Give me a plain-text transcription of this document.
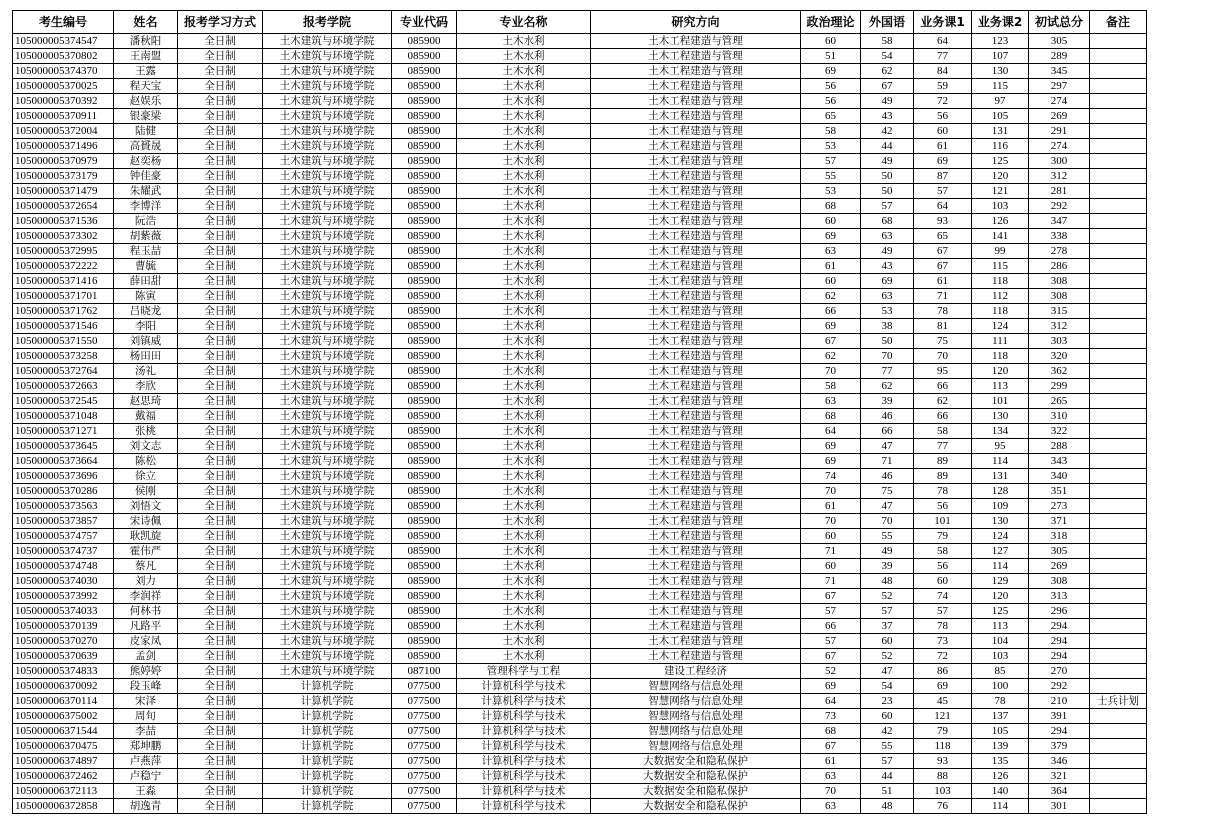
考生编号	姓名	报考学习方式	报考学院	专业代码	专业名称	研究方向	政治理论	外国语	业务课1	业务课2	初试总分	备注
105000005374547	潘秋阳	全日制	土木建筑与环境学院	085900	土木水利	土木工程建造与管理	60	58	64	123	305	
105000005370802	王南盟	全日制	土木建筑与环境学院	085900	土木水利	土木工程建造与管理	51	54	77	107	289	
105000005374370	王露	全日制	土木建筑与环境学院	085900	土木水利	土木工程建造与管理	69	62	84	130	345	
105000005370025	程天宝	全日制	土木建筑与环境学院	085900	土木水利	土木工程建造与管理	56	67	59	115	297	
105000005370392	赵娱乐	全日制	土木建筑与环境学院	085900	土木水利	土木工程建造与管理	56	49	72	97	274	
105000005370911	银豪梁	全日制	土木建筑与环境学院	085900	土木水利	土木工程建造与管理	65	43	56	105	269	
105000005372004	陆健	全日制	土木建筑与环境学院	085900	土木水利	土木工程建造与管理	58	42	60	131	291	
105000005371496	高贇晟	全日制	土木建筑与环境学院	085900	土木水利	土木工程建造与管理	53	44	61	116	274	
105000005370979	赵奕杨	全日制	土木建筑与环境学院	085900	土木水利	土木工程建造与管理	57	49	69	125	300	
105000005373179	钟佳豪	全日制	土木建筑与环境学院	085900	土木水利	土木工程建造与管理	55	50	87	120	312	
105000005371479	朱耀武	全日制	土木建筑与环境学院	085900	土木水利	土木工程建造与管理	53	50	57	121	281	
105000005372654	李博洋	全日制	土木建筑与环境学院	085900	土木水利	土木工程建造与管理	68	57	64	103	292	
105000005371536	阮浩	全日制	土木建筑与环境学院	085900	土木水利	土木工程建造与管理	60	68	93	126	347	
105000005373302	胡紫薇	全日制	土木建筑与环境学院	085900	土木水利	土木工程建造与管理	69	63	65	141	338	
105000005372995	程玉喆	全日制	土木建筑与环境学院	085900	土木水利	土木工程建造与管理	63	49	67	99	278	
105000005372222	曹毓	全日制	土木建筑与环境学院	085900	土木水利	土木工程建造与管理	61	43	67	115	286	
105000005371416	薛田甜	全日制	土木建筑与环境学院	085900	土木水利	土木工程建造与管理	60	69	61	118	308	
105000005371701	陈寅	全日制	土木建筑与环境学院	085900	土木水利	土木工程建造与管理	62	63	71	112	308	
105000005371762	吕晓龙	全日制	土木建筑与环境学院	085900	土木水利	土木工程建造与管理	66	53	78	118	315	
105000005371546	李阳	全日制	土木建筑与环境学院	085900	土木水利	土木工程建造与管理	69	38	81	124	312	
105000005371550	刘镇威	全日制	土木建筑与环境学院	085900	土木水利	土木工程建造与管理	67	50	75	111	303	
105000005373258	杨田田	全日制	土木建筑与环境学院	085900	土木水利	土木工程建造与管理	62	70	70	118	320	
105000005372764	汤礼	全日制	土木建筑与环境学院	085900	土木水利	土木工程建造与管理	70	77	95	120	362	
105000005372663	李欣	全日制	土木建筑与环境学院	085900	土木水利	土木工程建造与管理	58	62	66	113	299	
105000005372545	赵思琦	全日制	土木建筑与环境学院	085900	土木水利	土木工程建造与管理	63	39	62	101	265	
105000005371048	戴福	全日制	土木建筑与环境学院	085900	土木水利	土木工程建造与管理	68	46	66	130	310	
105000005371271	张桃	全日制	土木建筑与环境学院	085900	土木水利	土木工程建造与管理	64	66	58	134	322	
105000005373645	刘文志	全日制	土木建筑与环境学院	085900	土木水利	土木工程建造与管理	69	47	77	95	288	
105000005373664	陈松	全日制	土木建筑与环境学院	085900	土木水利	土木工程建造与管理	69	71	89	114	343	
105000005373696	徐立	全日制	土木建筑与环境学院	085900	土木水利	土木工程建造与管理	74	46	89	131	340	
105000005370286	侯刚	全日制	土木建筑与环境学院	085900	土木水利	土木工程建造与管理	70	75	78	128	351	
105000005373563	刘悟文	全日制	土木建筑与环境学院	085900	土木水利	土木工程建造与管理	61	47	56	109	273	
105000005373857	宋诗佩	全日制	土木建筑与环境学院	085900	土木水利	土木工程建造与管理	70	70	101	130	371	
105000005374757	耿凯旋	全日制	土木建筑与环境学院	085900	土木水利	土木工程建造与管理	60	55	79	124	318	
105000005374737	霍伟严	全日制	土木建筑与环境学院	085900	土木水利	土木工程建造与管理	71	49	58	127	305	
105000005374748	蔡凡	全日制	土木建筑与环境学院	085900	土木水利	土木工程建造与管理	60	39	56	114	269	
105000005374030	刘力	全日制	土木建筑与环境学院	085900	土木水利	土木工程建造与管理	71	48	60	129	308	
105000005373992	李润祥	全日制	土木建筑与环境学院	085900	土木水利	土木工程建造与管理	67	52	74	120	313	
105000005374033	何林书	全日制	土木建筑与环境学院	085900	土木水利	土木工程建造与管理	57	57	57	125	296	
105000005370139	凡路平	全日制	土木建筑与环境学院	085900	土木水利	土木工程建造与管理	66	37	78	113	294	
105000005370270	皮家凤	全日制	土木建筑与环境学院	085900	土木水利	土木工程建造与管理	57	60	73	104	294	
105000005370639	孟剑	全日制	土木建筑与环境学院	085900	土木水利	土木工程建造与管理	67	52	72	103	294	
105000005374833	熊婷婷	全日制	土木建筑与环境学院	087100	管理科学与工程	建设工程经济	52	47	86	85	270	
105000006370092	段玉峰	全日制	计算机学院	077500	计算机科学与技术	智慧网络与信息处理	69	54	69	100	292	
105000006370114	宋泽	全日制	计算机学院	077500	计算机科学与技术	智慧网络与信息处理	64	23	45	78	210	士兵计划
105000006375002	周旬	全日制	计算机学院	077500	计算机科学与技术	智慧网络与信息处理	73	60	121	137	391	
105000006371544	李喆	全日制	计算机学院	077500	计算机科学与技术	智慧网络与信息处理	68	42	79	105	294	
105000006370475	郑坤鹏	全日制	计算机学院	077500	计算机科学与技术	智慧网络与信息处理	67	55	118	139	379	
105000006374897	卢燕萍	全日制	计算机学院	077500	计算机科学与技术	大数据安全和隐私保护	61	57	93	135	346	
105000006372462	卢稳宁	全日制	计算机学院	077500	计算机科学与技术	大数据安全和隐私保护	63	44	88	126	321	
105000006372113	王淼	全日制	计算机学院	077500	计算机科学与技术	大数据安全和隐私保护	70	51	103	140	364	
105000006372858	胡逸青	全日制	计算机学院	077500	计算机科学与技术	大数据安全和隐私保护	63	48	76	114	301	
